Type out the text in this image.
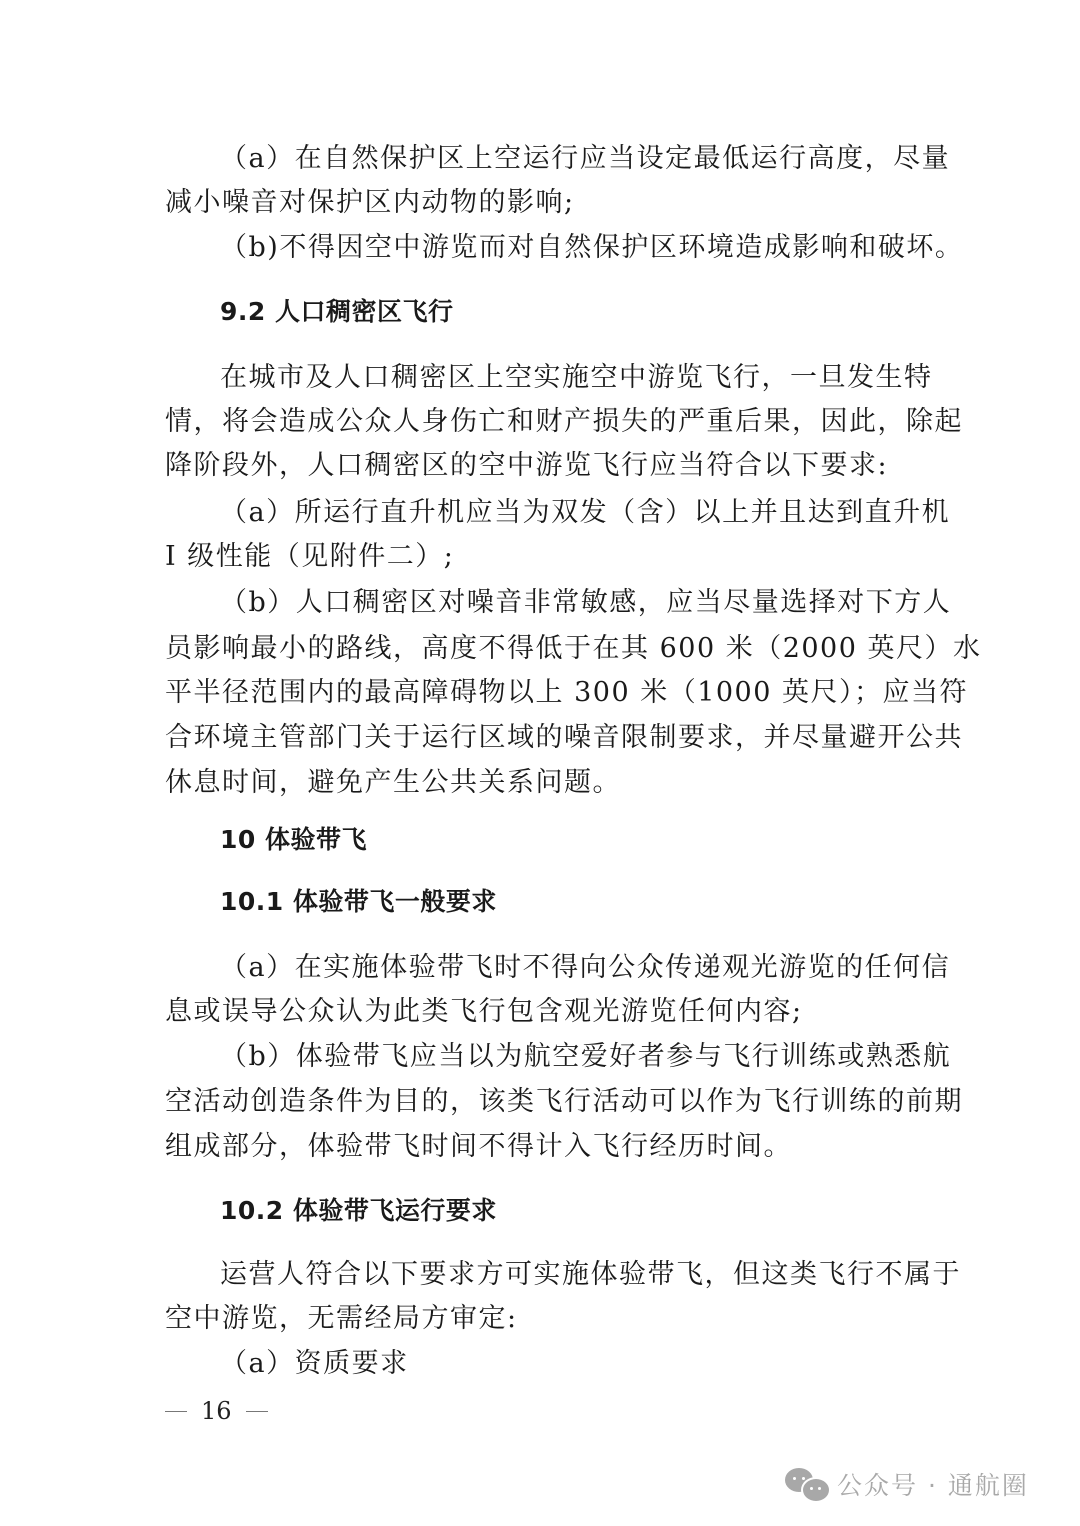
（a）在自然保护区上空运行应当设定最低运行高度，尽量
减小噪音对保护区内动物的影响;
（b)不得因空中游览而对自然保护区环境造成影响和破坏。
9.2 人口稠密区飞行
在城市及人口稠密区上空实施空中游览飞行，一旦发生特
情，将会造成公众人身伤亡和财产损失的严重后果，因此，除起
降阶段外，人口稠密区的空中游览飞行应当符合以下要求:
（a）所运行直升机应当为双发（含）以上并且达到直升机
I 级性能（见附件二）;
（b）人口稠密区对噪音非常敏感，应当尽量选择对下方人
员影响最小的路线，高度不得低于在其 600 米（2000 英尺）水
平半径范围内的最高障碍物以上 300 米（1000 英尺）；应当符
合环境主管部门关于运行区域的噪音限制要求，并尽量避开公共
休息时间，避免产生公共关系问题。
10 体验带飞
10.1 体验带飞一般要求
（a）在实施体验带飞时不得向公众传递观光游览的任何信
息或误导公众认为此类飞行包含观光游览任何内容;
（b）体验带飞应当以为航空爱好者参与飞行训练或熟悉航
空活动创造条件为目的，该类飞行活动可以作为飞行训练的前期
组成部分，体验带飞时间不得计入飞行经历时间。
10.2 体验带飞运行要求
运营人符合以下要求方可实施体验带飞，但这类飞行不属于
空中游览，无需经局方审定:
（a）资质要求
16
公众号 · 通航圈
